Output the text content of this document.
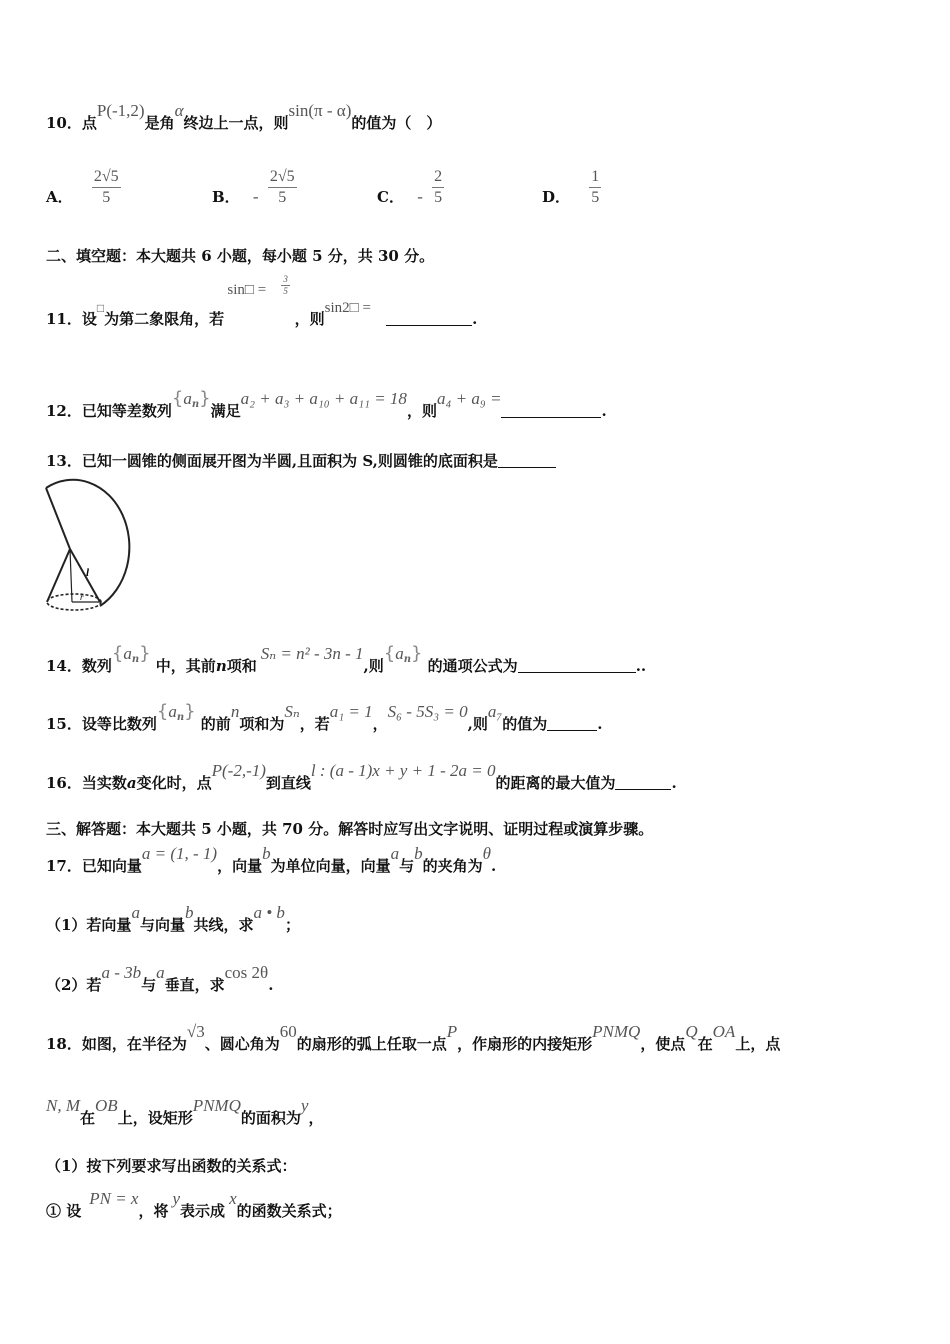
10．点P(‑1,2)是角α终边上一点，则sin(π ‑ α)的值为（　）
A． $\frac{2√5}{5}$	B． ‑ $\frac{2√5}{5}$	C． ‑ $\frac{2}{5}$	D． $\frac{1}{5}$
二、填空题：本大题共 6 小题，每小题 5 分，共 30 分。
11．设□为第二象限角，若
sin□ = $\frac{3}{5}$
，则sin2□ = .
12．已知等差数列$\{a_n\}$满足a₂ + a₃ + a₁₀ + a₁₁ = 18，则a₄ + a₉ =.
13．已知一圆锥的侧面展开图为半圆,且面积为 S,则圆锥的底面积是
l
r
14．数列$\{a_n\}$ 中，其前n项和Sₙ = n² ‑ 3n ‑ 1,则$\{a_n\}$ 的通项公式为	..
15．设等比数列$\{a_n\}$ 的前n项和为Sₙ，若a₁ = 1，S₆ ‑ 5S₃ = 0,则a₇的值为	.
16．当实数a变化时，点P(‑2,‑1)到直线l : (a ‑ 1)x + y + 1 ‑ 2a = 0的距离的最大值为	.
三、解答题：本大题共 5 小题，共 70 分。解答时应写出文字说明、证明过程或演算步骤。
17．已知向量a = (1, ‑ 1)，向量b为单位向量，向量a与b的夹角为θ.
（1）若向量a与向量b共线，求a • b；
（2）若a ‑ 3b与a垂直，求cos 2θ.
18．如图，在半径为√3、圆心角为60的扇形的弧上任取一点P，作扇形的内接矩形PNMQ，使点Q在OA上，点
N, M在OB上，设矩形PNMQ的面积为y，
（1）按下列要求写出函数的关系式：
① 设PN = x，将y表示成x的函数关系式；
